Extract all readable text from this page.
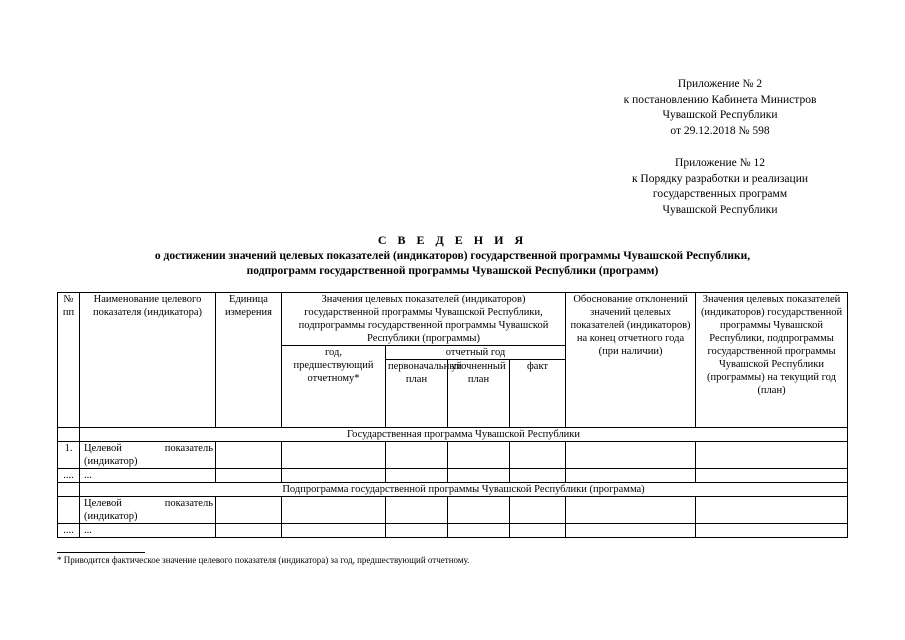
Приложение № 2
к постановлению Кабинета Министров
Чувашской Республики
от 29.12.2018 № 598
Приложение № 12
к Порядку разработки и реализации
государственных программ
Чувашской Республики
С В Е Д Е Н И Я
о достижении значений целевых показателей (индикаторов) государственной программы Чувашской Республики,
подпрограмм государственной программы Чувашской Республики (программ)
№ пп	Наименование целевого показателя (индикатора)	Единица измерения	Значения целевых показателей (индикаторов) государственной программы Чувашской Республики, подпрограммы государственной программы Чувашской Республики (программы)				Обоснование отклонений значений целевых показателей (индикаторов) на конец отчетного года (при наличии)	Значения целевых показателей (индикаторов) государственной программы Чувашской Республики, подпрограммы государственной программы Чувашской Республики (программы) на текущий год (план)
			год, предшествующий отчетному*	отчетный год				
				первоначальный план	уточненный план	факт		
	Государственная программа Чувашской Республики							
1.	Целевой показатель (индикатор)							
....	...							
	Подпрограмма государственной программы Чувашской Республики (программа)							
	Целевой показатель (индикатор)							
....	...							
* Приводится фактическое значение целевого показателя (индикатора) за год, предшествующий отчетному.
